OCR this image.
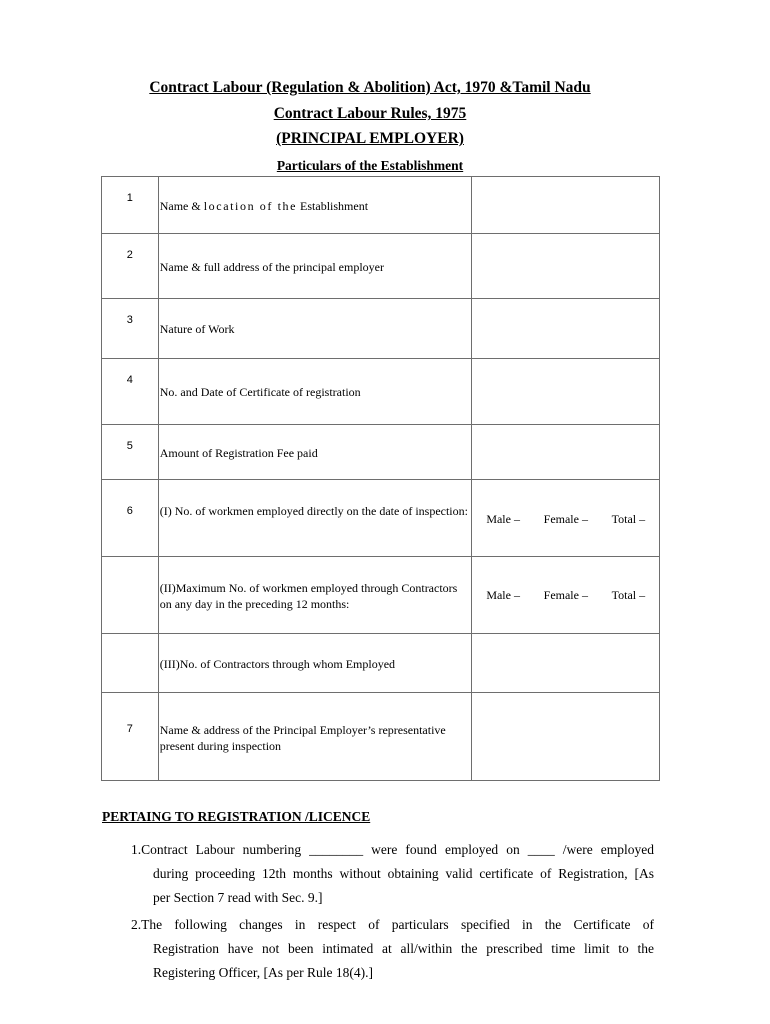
Contract Labour (Regulation & Abolition) Act, 1970 &Tamil Nadu
Contract Labour Rules, 1975
(PRINCIPAL EMPLOYER)
Particulars of the Establishment
1	Name & location of the Establishment	

2	Name & full address of the principal employer	

3	Nature of Work	

4	No. and Date of Certificate of registration	

5	Amount of Registration Fee paid	

6	(I) No. of workmen employed directly on the date of inspection:	Male – Female – Total –

	(II)Maximum No. of workmen employed through Contractors on any day in the preceding 12 months:	Male – Female – Total –

	(III)No. of Contractors through whom Employed	

7	Name & address of the Principal Employer’s representative present during inspection	

PERTAING TO REGISTRATION /LICENCE
1.Contract Labour numbering ________ were found employed on ____ /were employed
during proceeding 12th months without obtaining valid certificate of Registration, [As
per Section 7 read with Sec. 9.]
2.The following changes in respect of particulars specified in the Certificate of
Registration have not been intimated at all/within the prescribed time limit to the
Registering Officer, [As per Rule 18(4).]
